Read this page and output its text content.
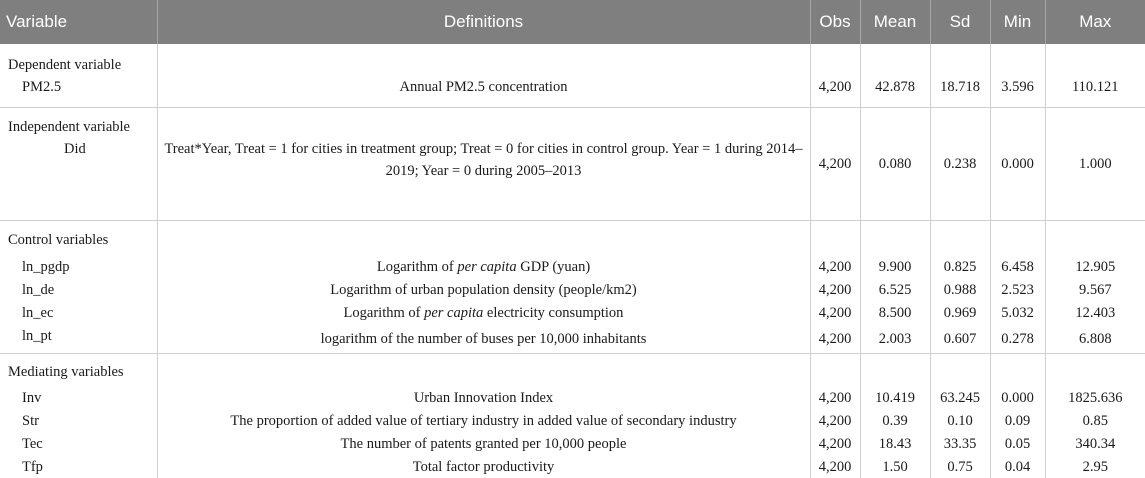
Variable	Definitions	Obs	Mean	Sd	Min	Max

Dependent variable
PM2.5	Annual PM2.5 concentration	4,200	42.878	18.718	3.596	110.121

Independent variable
Did	Treat*Year, Treat = 1 for cities in treatment group; Treat = 0 for cities in control group. Year = 1 during 2014–2019; Year = 0 during 2005–2013	4,200	0.080	0.238	0.000	1.000

Control variables						

ln_pgdp	Logarithm of per capita GDP (yuan)	4,200	9.900	0.825	6.458	12.905

ln_de	Logarithm of urban population density (people/km2)	4,200	6.525	0.988	2.523	9.567

ln_ec	Logarithm of per capita electricity consumption	4,200	8.500	0.969	5.032	12.403

ln_pt	logarithm of the number of buses per 10,000 inhabitants	4,200	2.003	0.607	0.278	6.808

Mediating variables						

Inv	Urban Innovation Index	4,200	10.419	63.245	0.000	1825.636

Str	The proportion of added value of tertiary industry in added value of secondary industry	4,200	0.39	0.10	0.09	0.85

Tec	The number of patents granted per 10,000 people	4,200	18.43	33.35	0.05	340.34

Tfp	Total factor productivity	4,200	1.50	0.75	0.04	2.95
